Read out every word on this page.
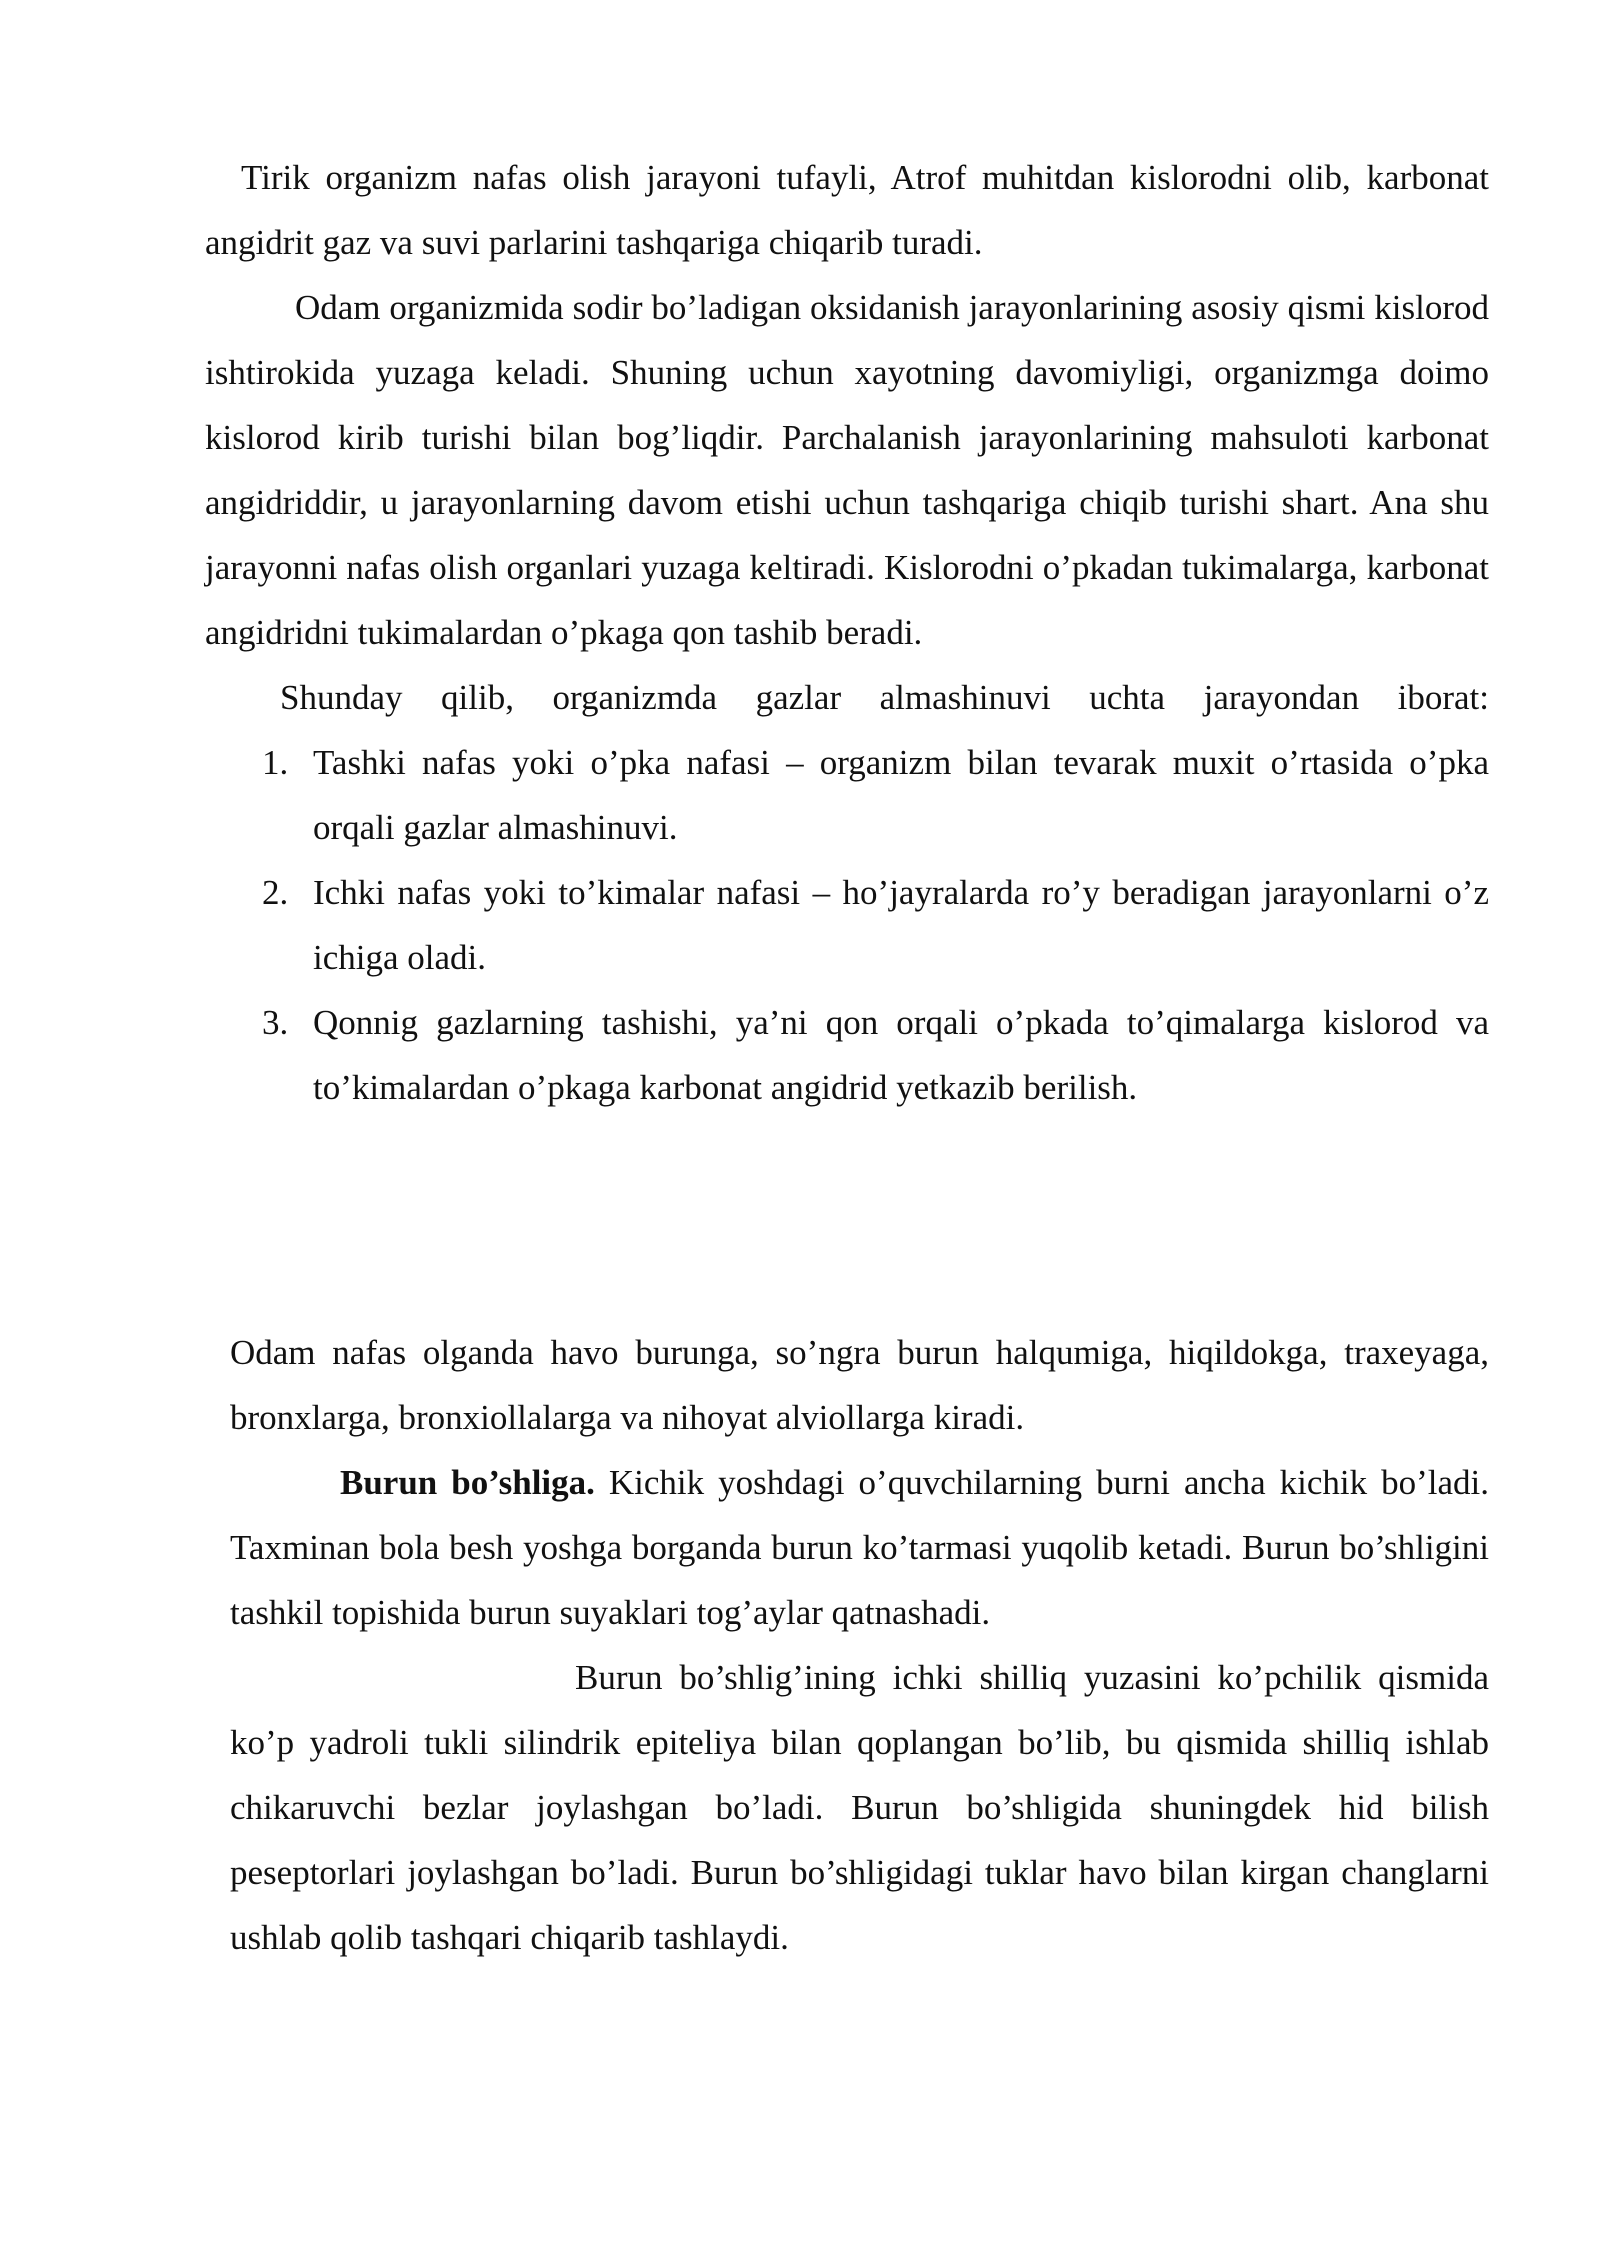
Tirik organizm nafas olish jarayoni tufayli, Atrof muhitdan kislorodni olib, karbonat angidrit gaz va suvi parlarini tashqariga chiqarib turadi.

Odam organizmida sodir bo’ladigan oksidanish jarayonlarining asosiy qismi kislorod ishtirokida yuzaga keladi. Shuning uchun xayotning davomiyligi, organizmga doimo kislorod kirib turishi bilan bog’liqdir. Parchalanish jarayonlarining mahsuloti karbonat angidriddir, u jarayonlarning davom etishi uchun tashqariga chiqib turishi shart. Ana shu jarayonni nafas olish organlari yuzaga keltiradi. Kislorodni o’pkadan tukimalarga, karbonat angidridni tukimalardan o’pkaga qon tashib beradi.

Shunday qilib, organizmda gazlar almashinuvi uchta jarayondan iborat:

1. Tashki nafas yoki o’pka nafasi – organizm bilan tevarak muxit o’rtasida o’pka orqali gazlar almashinuvi.

2. Ichki nafas yoki to’kimalar nafasi – ho’jayralarda ro’y beradigan jarayonlarni o’z ichiga oladi.

3. Qonnig gazlarning tashishi, ya’ni qon orqali o’pkada to’qimalarga kislorod va to’kimalardan o’pkaga karbonat angidrid yetkazib berilish.

Odam nafas olganda havo burunga, so’ngra burun halqumiga, hiqildokga, traxeyaga, bronxlarga, bronxiollalarga va nihoyat alviollarga kiradi.

Burun bo’shliga. Kichik yoshdagi o’quvchilarning burni ancha kichik bo’ladi. Taxminan bola besh yoshga borganda burun ko’tarmasi yuqolib ketadi. Burun bo’shligini tashkil topishida burun suyaklari tog’aylar qatnashadi.

Burun bo’shlig’ining ichki shilliq yuzasini ko’pchilik qismida ko’p yadroli tukli silindrik epiteliya bilan qoplangan bo’lib, bu qismida shilliq ishlab chikaruvchi bezlar joylashgan bo’ladi. Burun bo’shligida shuningdek hid bilish peseptorlari joylashgan bo’ladi. Burun bo’shligidagi tuklar havo bilan kirgan changlarni ushlab qolib tashqari chiqarib tashlaydi.
